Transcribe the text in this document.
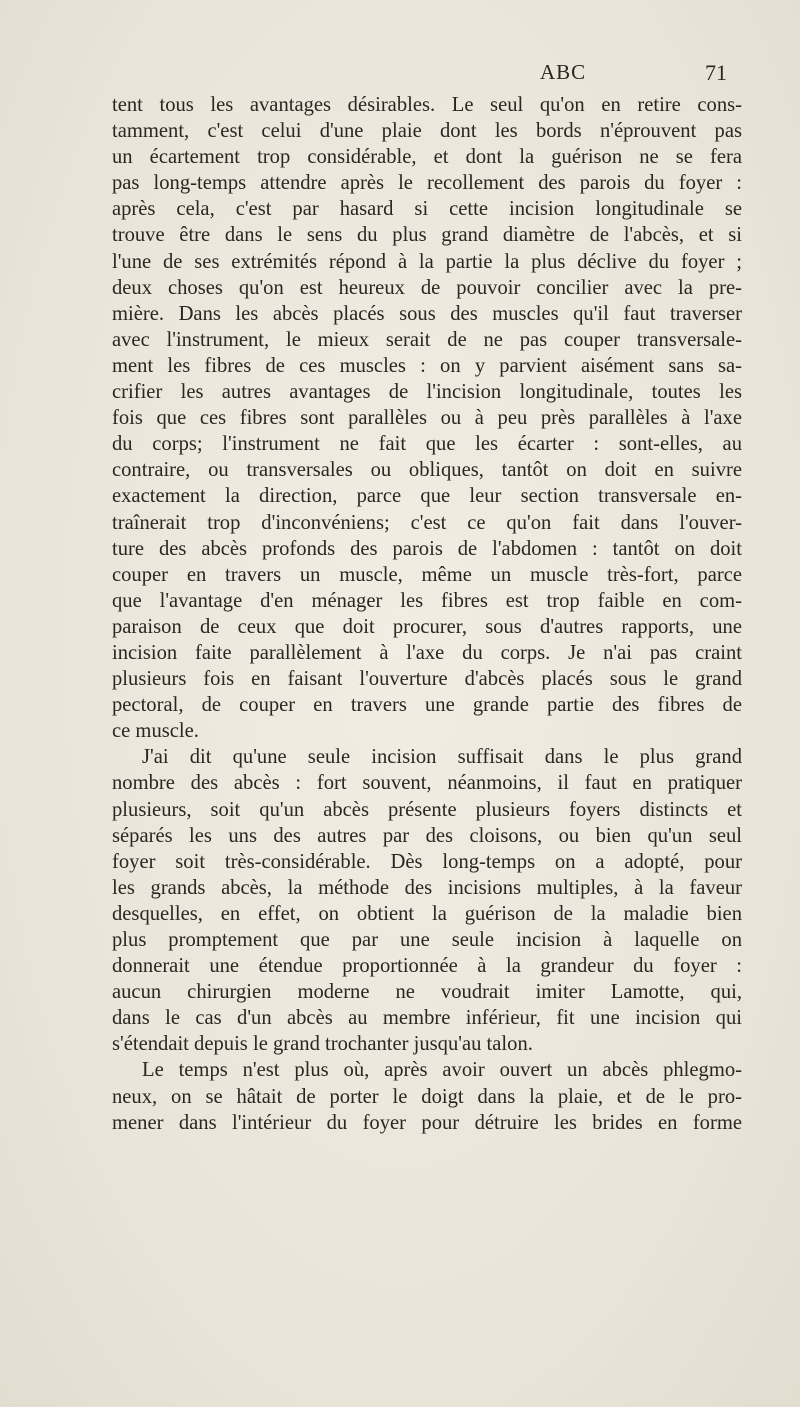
ABC	71
tent tous les avantages désirables. Le seul qu'on en retire cons-
tamment, c'est celui d'une plaie dont les bords n'éprouvent pas
un écartement trop considérable, et dont la guérison ne se fera
pas long-temps attendre après le recollement des parois du foyer :
après cela, c'est par hasard si cette incision longitudinale se
trouve être dans le sens du plus grand diamètre de l'abcès, et si
l'une de ses extrémités répond à la partie la plus déclive du foyer ;
deux choses qu'on est heureux de pouvoir concilier avec la pre-
mière. Dans les abcès placés sous des muscles qu'il faut traverser
avec l'instrument, le mieux serait de ne pas couper transversale-
ment les fibres de ces muscles : on y parvient aisément sans sa-
crifier les autres avantages de l'incision longitudinale, toutes les
fois que ces fibres sont parallèles ou à peu près parallèles à l'axe
du corps; l'instrument ne fait que les écarter : sont-elles, au
contraire, ou transversales ou obliques, tantôt on doit en suivre
exactement la direction, parce que leur section transversale en-
traînerait trop d'inconvéniens; c'est ce qu'on fait dans l'ouver-
ture des abcès profonds des parois de l'abdomen : tantôt on doit
couper en travers un muscle, même un muscle très-fort, parce
que l'avantage d'en ménager les fibres est trop faible en com-
paraison de ceux que doit procurer, sous d'autres rapports, une
incision faite parallèlement à l'axe du corps. Je n'ai pas craint
plusieurs fois en faisant l'ouverture d'abcès placés sous le grand
pectoral, de couper en travers une grande partie des fibres de
ce muscle.
J'ai dit qu'une seule incision suffisait dans le plus grand
nombre des abcès : fort souvent, néanmoins, il faut en pratiquer
plusieurs, soit qu'un abcès présente plusieurs foyers distincts et
séparés les uns des autres par des cloisons, ou bien qu'un seul
foyer soit très-considérable. Dès long-temps on a adopté, pour
les grands abcès, la méthode des incisions multiples, à la faveur
desquelles, en effet, on obtient la guérison de la maladie bien
plus promptement que par une seule incision à laquelle on
donnerait une étendue proportionnée à la grandeur du foyer :
aucun chirurgien moderne ne voudrait imiter Lamotte, qui,
dans le cas d'un abcès au membre inférieur, fit une incision qui
s'étendait depuis le grand trochanter jusqu'au talon.
Le temps n'est plus où, après avoir ouvert un abcès phlegmo-
neux, on se hâtait de porter le doigt dans la plaie, et de le pro-
mener dans l'intérieur du foyer pour détruire les brides en forme
